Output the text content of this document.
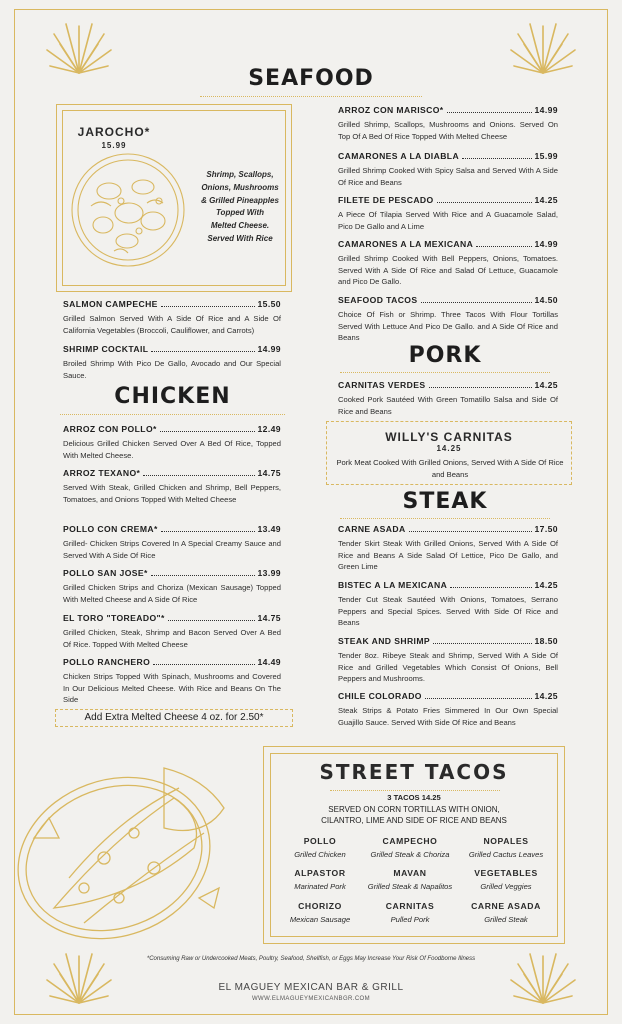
SEAFOOD
JAROCHO*
15.99
Shrimp, Scallops,
Onions, Mushrooms
& Grilled Pineapples
Topped With
Melted Cheese.
Served With Rice
ARROZ CON MARISCO*	14.99
Grilled Shrimp, Scallops, Mushrooms and Onions. Served On Top Of A Bed Of Rice Topped With Melted Cheese
CAMARONES A LA DIABLA	15.99
Grilled Shrimp Cooked With Spicy Salsa and Served With A Side Of Rice and Beans
FILETE DE PESCADO	14.25
A Piece Of Tilapia Served With Rice and A Guacamole Salad, Pico De Gallo and A Lime
CAMARONES A LA MEXICANA	14.99
Grilled Shrimp Cooked With Bell Peppers, Onions, Tomatoes. Served With A Side Of Rice and Salad Of Lettuce, Guacamole and Pico De Gallo.
SEAFOOD TACOS	14.50
Choice Of Fish or Shrimp. Three Tacos With Flour Tortillas Served With Lettuce And Pico De Gallo. and A Side Of Rice and Beans
SALMON CAMPECHE	15.50
Grilled Salmon Served With A Side Of Rice and A Side Of California Vegetables (Broccoli, Cauliflower, and Carrots)
SHRIMP COCKTAIL	14.99
Broiled Shrimp With Pico De Gallo, Avocado and Our Special Sauce.
CHICKEN
ARROZ CON POLLO*	12.49
Delicious Grilled Chicken Served Over A Bed Of Rice, Topped With Melted Cheese.
ARROZ TEXANO*	14.75
Served With Steak, Grilled Chicken and Shrimp, Bell Peppers, Tomatoes, and Onions Topped With Melted Cheese
POLLO CON CREMA*	13.49
Grilled- Chicken Strips Covered In A Special Creamy Sauce and Served With A Side Of Rice
POLLO SAN JOSE*	13.99
Grilled Chicken Strips and Choriza (Mexican Sausage) Topped With Melted Cheese and A Side Of Rice
EL TORO "TOREADO"*	14.75
Grilled Chicken, Steak, Shrimp and Bacon Served Over A Bed Of Rice. Topped With Melted Cheese
POLLO RANCHERO	14.49
Chicken Strips Topped With Spinach, Mushrooms and Covered In Our Delicious Melted Cheese. With Rice and Beans On The Side
Add Extra Melted Cheese 4 oz. for 2.50*
PORK
CARNITAS VERDES	14.25
Cooked Pork Sautéed With Green Tomatillo Salsa and Side Of Rice and Beans
WILLY'S CARNITAS
14.25
Pork Meat Cooked With Grilled Onions, Served With A Side Of Rice and Beans
STEAK
CARNE ASADA	17.50
Tender Skirt Steak With Grilled Onions, Served With A Side Of Rice and Beans A Side Salad Of Lettice, Pico De Gallo, and Green Lime
BISTEC A LA MEXICANA	14.25
Tender Cut Steak Sautéed With Onions, Tomatoes, Serrano Peppers and Special Spices. Served With Side Of Rice and Beans
STEAK AND SHRIMP	18.50
Tender 8oz. Ribeye Steak and Shrimp, Served With A Side Of Rice and Grilled Vegetables Which Consist Of Onions, Bell Peppers and Mushrooms.
CHILE COLORADO	14.25
Steak Strips & Potato Fries Simmered In Our Own Special Guajillo Sauce. Served With Side Of Rice and Beans
STREET TACOS
3 TACOS 14.25
SERVED ON CORN TORTILLAS WITH ONION,
CILANTRO, LIME AND SIDE OF RICE AND BEANS
POLLO
Grilled Chicken
CAMPECHO
Grilled Steak & Choriza
NOPALES
Grilled Cactus Leaves
ALPASTOR
Marinated Pork
MAVAN
Grilled Steak & Napalitos
VEGETABLES
Grilled Veggies
CHORIZO
Mexican Sausage
CARNITAS
Pulled Pork
CARNE ASADA
Grilled Steak
*Consuming Raw or Undercooked Meats, Poultry, Seafood, Shellfish, or Eggs May Increase Your Risk Of Foodborne Illness
EL MAGUEY MEXICAN BAR & GRILL
WWW.ELMAGUEYMEXICANBGR.COM
